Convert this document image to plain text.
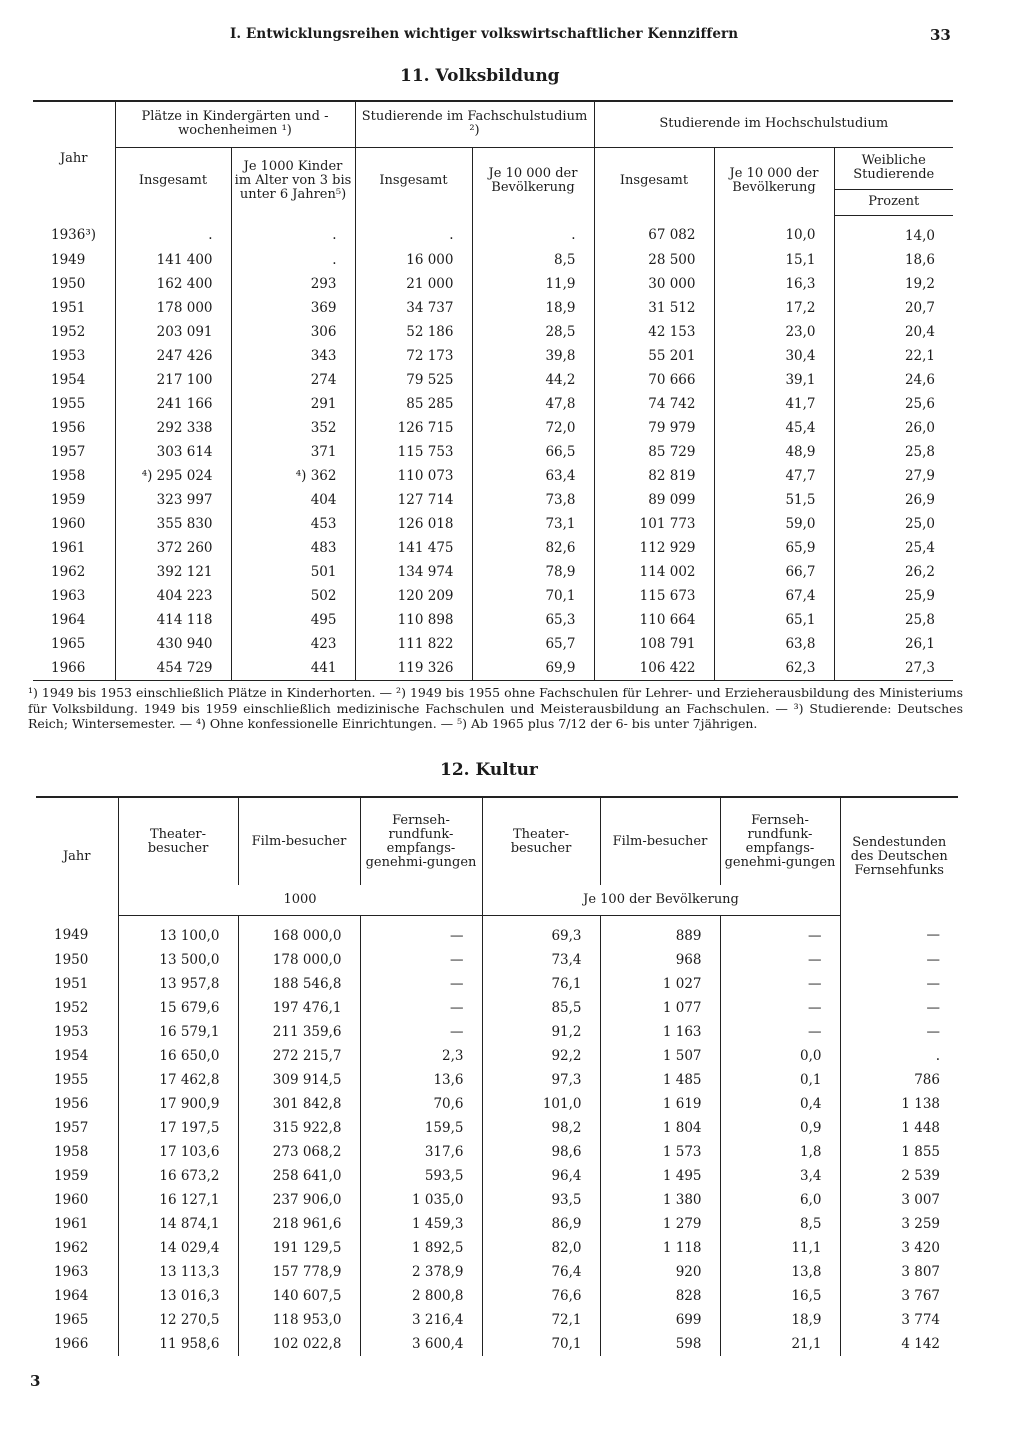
I. Entwicklungsreihen wichtiger volkswirtschaftlicher Kennziffern	33
11. Volksbildung
Jahr	Plätze in Kindergärten und -wochenheimen ¹)		Studierende im Fachschulstudium ²)		Studierende im Hochschulstudium		
	Insgesamt	Je 1000 Kinder im Alter von 3 bis unter 6 Jahren⁵)	Insgesamt	Je 10 000 der Bevölkerung	Insgesamt	Je 10 000 der Bevölkerung	Weibliche Studierende
							Prozent
1936³)	.	.	.	.	67 082	10,0	14,0
1949	141 400	.	16 000	8,5	28 500	15,1	18,6
1950	162 400	293	21 000	11,9	30 000	16,3	19,2
1951	178 000	369	34 737	18,9	31 512	17,2	20,7
1952	203 091	306	52 186	28,5	42 153	23,0	20,4
1953	247 426	343	72 173	39,8	55 201	30,4	22,1
1954	217 100	274	79 525	44,2	70 666	39,1	24,6
1955	241 166	291	85 285	47,8	74 742	41,7	25,6
1956	292 338	352	126 715	72,0	79 979	45,4	26,0
1957	303 614	371	115 753	66,5	85 729	48,9	25,8
1958	⁴) 295 024	⁴) 362	110 073	63,4	82 819	47,7	27,9
1959	323 997	404	127 714	73,8	89 099	51,5	26,9
1960	355 830	453	126 018	73,1	101 773	59,0	25,0
1961	372 260	483	141 475	82,6	112 929	65,9	25,4
1962	392 121	501	134 974	78,9	114 002	66,7	26,2
1963	404 223	502	120 209	70,1	115 673	67,4	25,9
1964	414 118	495	110 898	65,3	110 664	65,1	25,8
1965	430 940	423	111 822	65,7	108 791	63,8	26,1
1966	454 729	441	119 326	69,9	106 422	62,3	27,3
¹) 1949 bis 1953 einschließlich Plätze in Kinderhorten. — ²) 1949 bis 1955 ohne Fachschulen für Lehrer- und Erzieherausbildung des Ministeriums für Volksbildung. 1949 bis 1959 einschließlich medizinische Fachschulen und Meisterausbildung an Fachschulen. — ³) Studierende: Deutsches Reich; Wintersemester. — ⁴) Ohne konfessionelle Einrichtungen. — ⁵) Ab 1965 plus 7/12 der 6- bis unter 7jährigen.
12. Kultur
Jahr	Theater-besucher	Film-besucher	Fernseh-rundfunk-empfangs-genehmi-gungen	Theater-besucher	Film-besucher	Fernseh-rundfunk-empfangs-genehmi-gungen	Sendestunden des Deutschen Fernsehfunks
	1000			Je 100 der Bevölkerung			
1949	13 100,0	168 000,0	—	69,3	889	—	—
1950	13 500,0	178 000,0	—	73,4	968	—	—
1951	13 957,8	188 546,8	—	76,1	1 027	—	—
1952	15 679,6	197 476,1	—	85,5	1 077	—	—
1953	16 579,1	211 359,6	—	91,2	1 163	—	—
1954	16 650,0	272 215,7	2,3	92,2	1 507	0,0	.
1955	17 462,8	309 914,5	13,6	97,3	1 485	0,1	786
1956	17 900,9	301 842,8	70,6	101,0	1 619	0,4	1 138
1957	17 197,5	315 922,8	159,5	98,2	1 804	0,9	1 448
1958	17 103,6	273 068,2	317,6	98,6	1 573	1,8	1 855
1959	16 673,2	258 641,0	593,5	96,4	1 495	3,4	2 539
1960	16 127,1	237 906,0	1 035,0	93,5	1 380	6,0	3 007
1961	14 874,1	218 961,6	1 459,3	86,9	1 279	8,5	3 259
1962	14 029,4	191 129,5	1 892,5	82,0	1 118	11,1	3 420
1963	13 113,3	157 778,9	2 378,9	76,4	920	13,8	3 807
1964	13 016,3	140 607,5	2 800,8	76,6	828	16,5	3 767
1965	12 270,5	118 953,0	3 216,4	72,1	699	18,9	3 774
1966	11 958,6	102 022,8	3 600,4	70,1	598	21,1	4 142
3
